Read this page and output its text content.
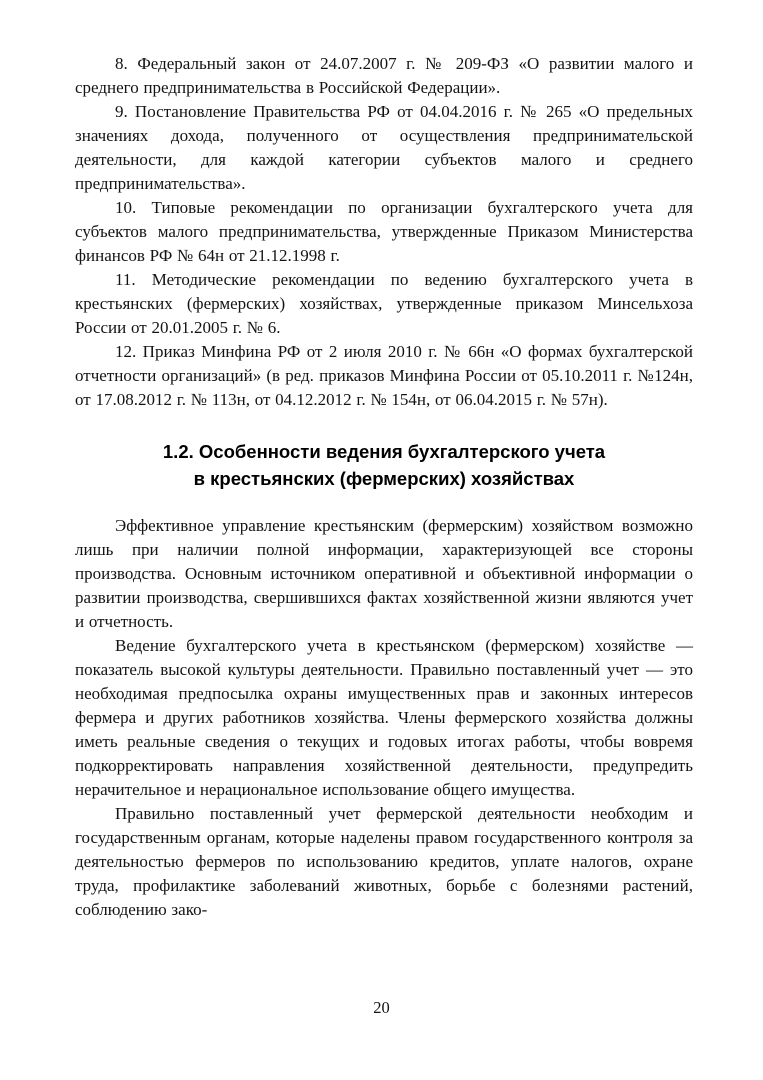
8. Федеральный закон от 24.07.2007 г. № 209-ФЗ «О развитии малого и среднего предпринимательства в Российской Федерации».

9. Постановление Правительства РФ от 04.04.2016 г. № 265 «О предельных значениях дохода, полученного от осуществления предпринимательской деятельности, для каждой категории субъектов малого и среднего предпринимательства».

10. Типовые рекомендации по организации бухгалтерского учета для субъектов малого предпринимательства, утвержденные Приказом Министерства финансов РФ № 64н от 21.12.1998 г.

11. Методические рекомендации по ведению бухгалтерского учета в крестьянских (фермерских) хозяйствах, утвержденные приказом Минсельхоза России от 20.01.2005 г. № 6.

12. Приказ Минфина РФ от 2 июля 2010 г. № 66н «О формах бухгалтерской отчетности организаций» (в ред. приказов Минфина России от 05.10.2011 г. №124н, от 17.08.2012 г. № 113н, от 04.12.2012 г. № 154н, от 06.04.2015 г. № 57н).

1.2. Особенности ведения бухгалтерского учета
в крестьянских (фермерских) хозяйствах

Эффективное управление крестьянским (фермерским) хозяйством возможно лишь при наличии полной информации, характеризующей все стороны производства. Основным источником оперативной и объективной информации о развитии производства, свершившихся фактах хозяйственной жизни являются учет и отчетность.

Ведение бухгалтерского учета в крестьянском (фермерском) хозяйстве — показатель высокой культуры деятельности. Правильно поставленный учет — это необходимая предпосылка охраны имущественных прав и законных интересов фермера и других работников хозяйства. Члены фермерского хозяйства должны иметь реальные сведения о текущих и годовых итогах работы, чтобы вовремя подкорректировать направления хозяйственной деятельности, предупредить нерачительное и нерациональное использование общего имущества.

Правильно поставленный учет фермерской деятельности необходим и государственным органам, которые наделены правом государственного контроля за деятельностью фермеров по использованию кредитов, уплате налогов, охране труда, профилактике заболеваний животных, борьбе с болезнями растений, соблюдению зако-

20
